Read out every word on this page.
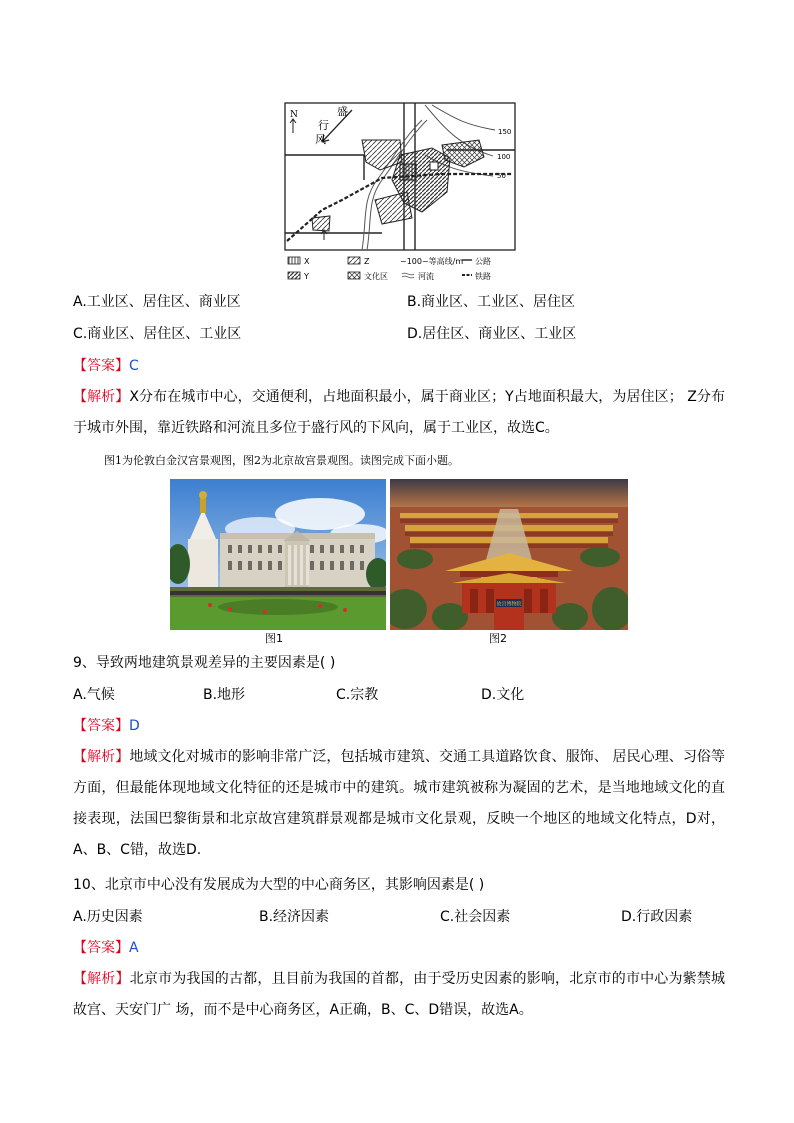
N	盛
行
风
150
100
50
X	Z	~100~等高线/m 公路
Y	文化区	河流	铁路
A.工业区、居住区、商业区	B.商业区、工业区、居住区
C.商业区、居住区、工业区	D.居住区、商业区、工业区
【答案】C
【解析】X分布在城市中心，交通便利，占地面积最小，属于商业区；Y占地面积最大，为居住区； Z分布于城市外围，靠近铁路和河流且多位于盛行风的下风向，属于工业区，故选C。
图1为伦敦白金汉宫景观图，图2为北京故宫景观图。读图完成下面小题。
故宫博物院
图1	图2
9、导致两地建筑景观差异的主要因素是( )
A.气候	B.地形	C.宗教	D.文化
【答案】D
【解析】地域文化对城市的影响非常广泛，包括城市建筑、交通工具道路饮食、服饰、 居民心理、习俗等方面，但最能体现地域文化特征的还是城市中的建筑。城市建筑被称为凝固的艺术，是当地地域文化的直接表现，法国巴黎街景和北京故宫建筑群景观都是城市文化景观，反映一个地区的地域文化特点，D对，A、B、C错，故选D.
10、北京市中心没有发展成为大型的中心商务区，其影响因素是( )
A.历史因素	B.经济因素	C.社会因素	D.行政因素
【答案】A
【解析】北京市为我国的古都，且目前为我国的首都，由于受历史因素的影响，北京市的市中心为紫禁城故宫、天安门广 场，而不是中心商务区，A正确，B、C、D错误，故选A。
